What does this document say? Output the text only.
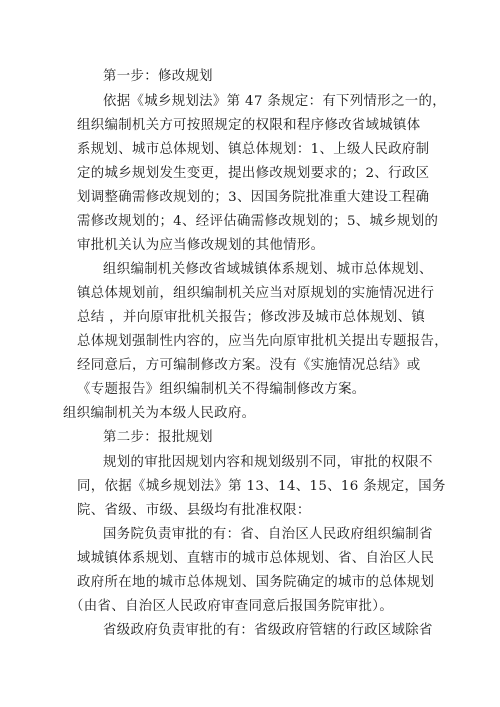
第一步：修改规划
依据《城乡规划法》第 47 条规定：有下列情形之一的，
组织编制机关方可按照规定的权限和程序修改省域城镇体
系规划、城市总体规划、镇总体规划：1、上级人民政府制
定的城乡规划发生变更，提出修改规划要求的；2、行政区
划调整确需修改规划的；3、因国务院批准重大建设工程确
需修改规划的；4、经评估确需修改规划的；5、城乡规划的
审批机关认为应当修改规划的其他情形。
组织编制机关修改省域城镇体系规划、城市总体规划、
镇总体规划前，组织编制机关应当对原规划的实施情况进行
总结 ，并向原审批机关报告；修改涉及城市总体规划、镇
总体规划强制性内容的，应当先向原审批机关提出专题报告，
经同意后，方可编制修改方案。没有《实施情况总结》或
《专题报告》组织编制机关不得编制修改方案。
组织编制机关为本级人民政府。
第二步：报批规划
规划的审批因规划内容和规划级别不同，审批的权限不
同，依据《城乡规划法》第 13、14、15、16 条规定，国务
院、省级、市级、县级均有批准权限：
国务院负责审批的有：省、自治区人民政府组织编制省
域城镇体系规划、直辖市的城市总体规划、省、自治区人民
政府所在地的城市总体规划、国务院确定的城市的总体规划
（由省、自治区人民政府审查同意后报国务院审批）。
省级政府负责审批的有：省级政府管辖的行政区域除省
